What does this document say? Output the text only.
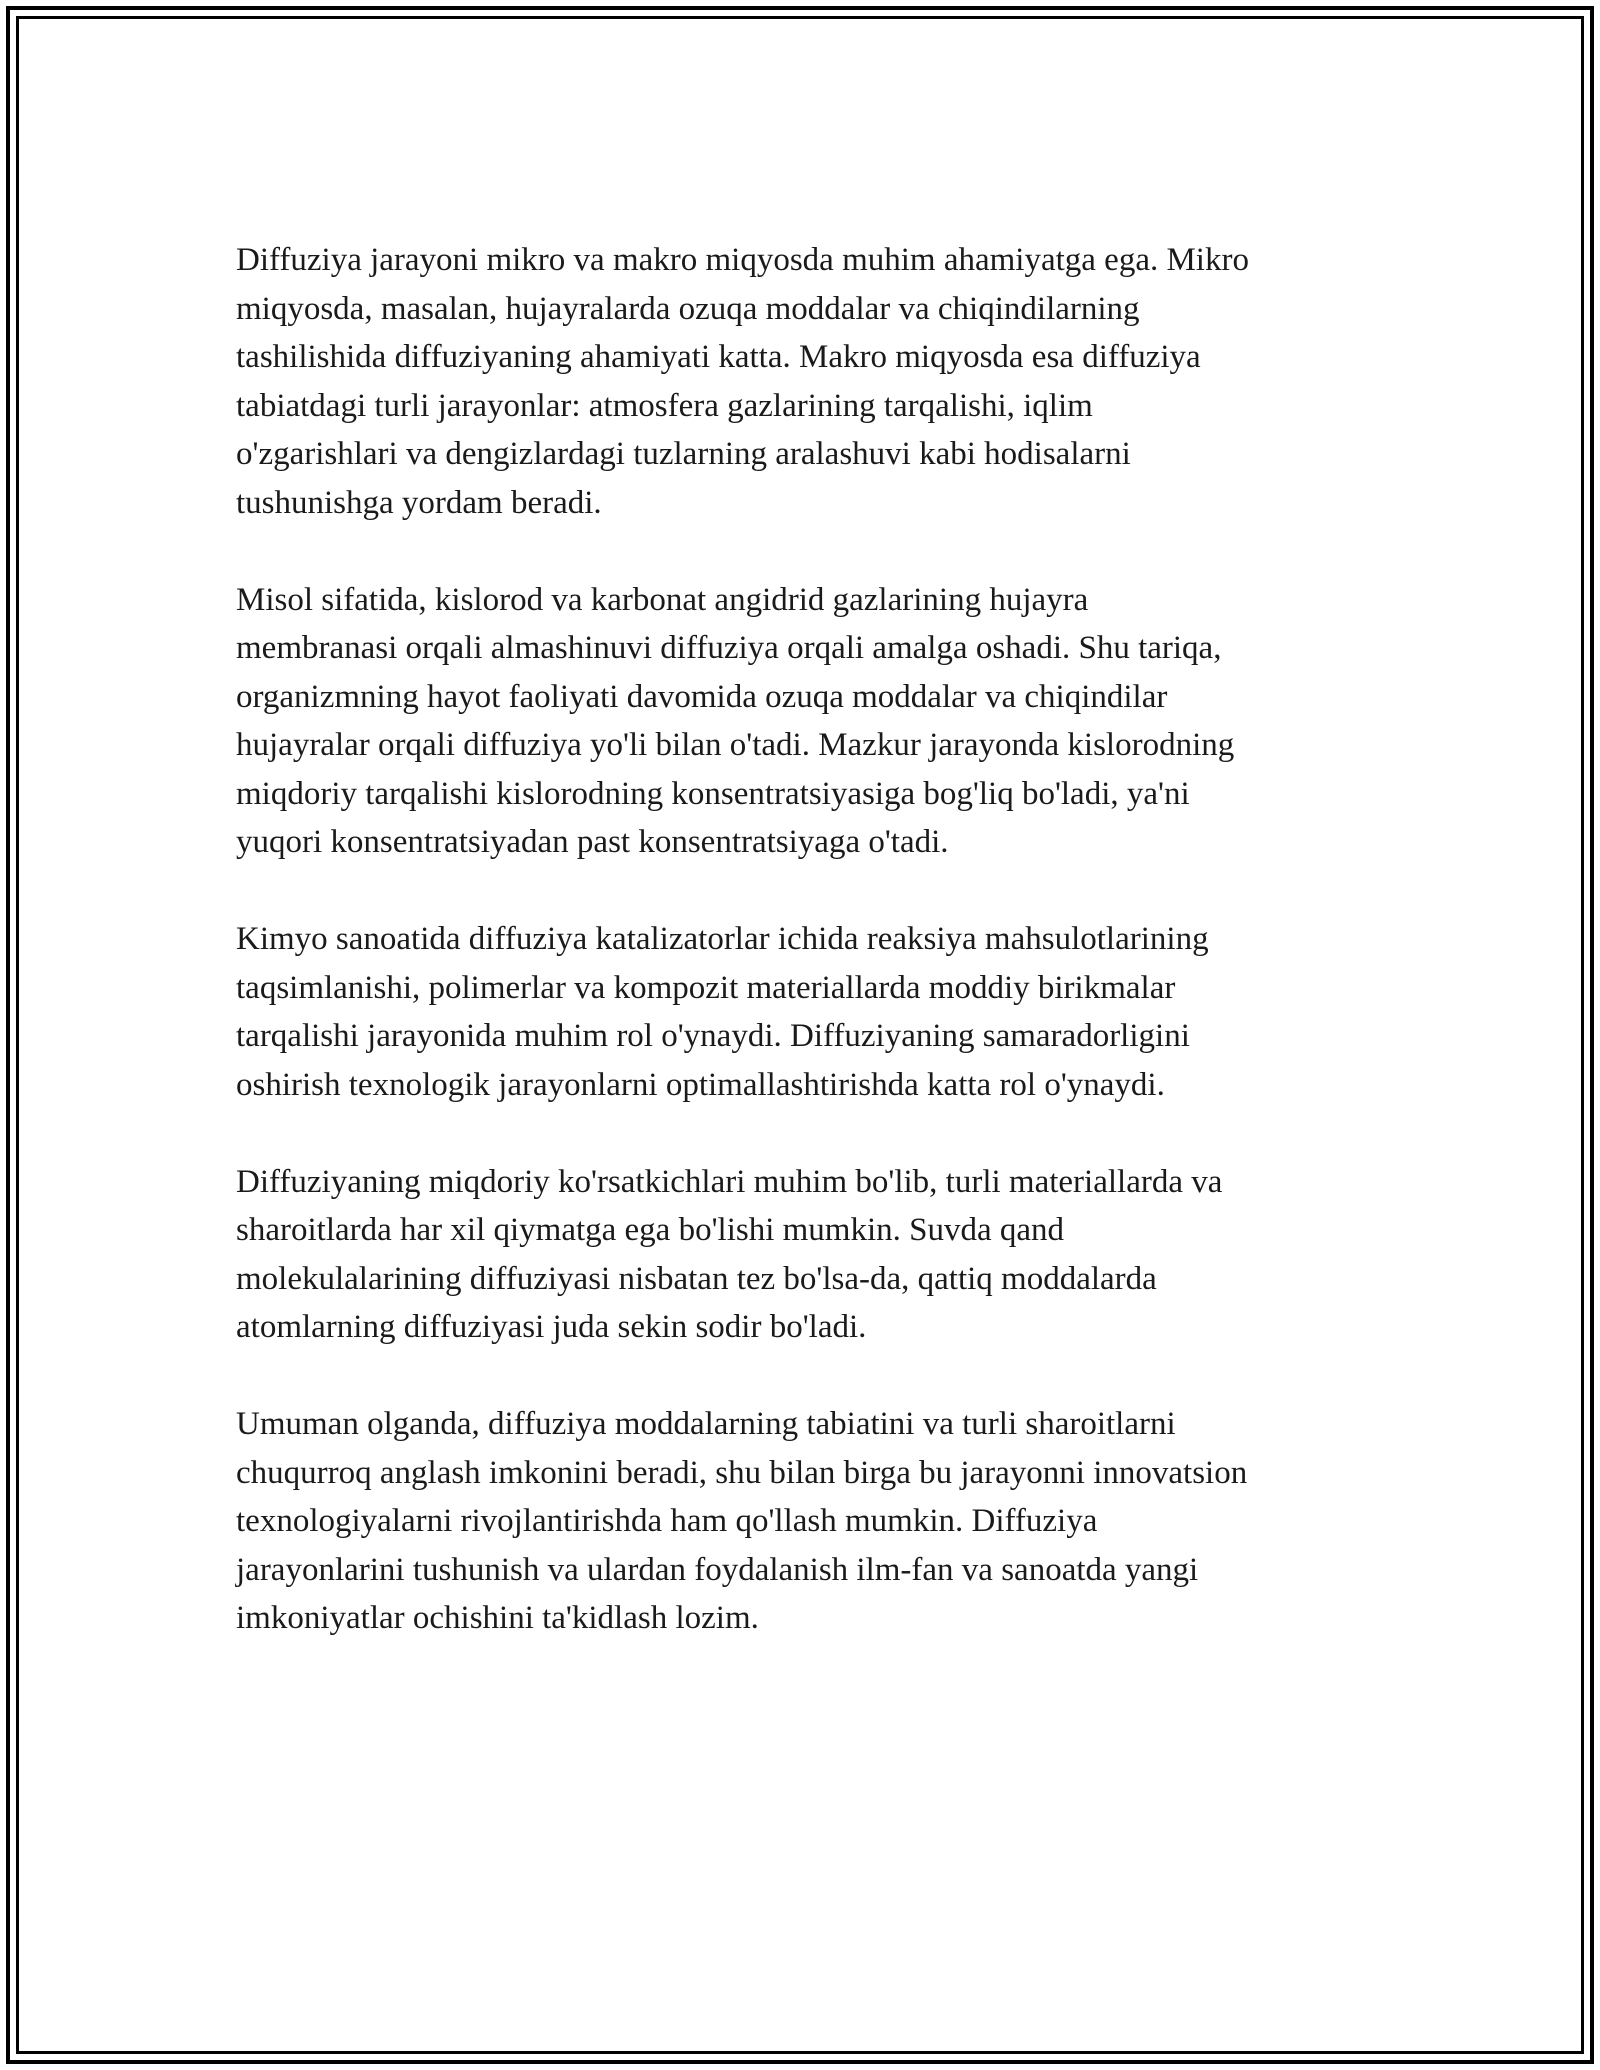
Diffuziya jarayoni mikro va makro miqyosda muhim ahamiyatga ega. Mikro
miqyosda, masalan, hujayralarda ozuqa moddalar va chiqindilarning
tashilishida diffuziyaning ahamiyati katta. Makro miqyosda esa diffuziya
tabiatdagi turli jarayonlar: atmosfera gazlarining tarqalishi, iqlim
o'zgarishlari va dengizlardagi tuzlarning aralashuvi kabi hodisalarni
tushunishga yordam beradi.

Misol sifatida, kislorod va karbonat angidrid gazlarining hujayra
membranasi orqali almashinuvi diffuziya orqali amalga oshadi. Shu tariqa,
organizmning hayot faoliyati davomida ozuqa moddalar va chiqindilar
hujayralar orqali diffuziya yo'li bilan o'tadi. Mazkur jarayonda kislorodning
miqdoriy tarqalishi kislorodning konsentratsiyasiga bog'liq bo'ladi, ya'ni
yuqori konsentratsiyadan past konsentratsiyaga o'tadi.

Kimyo sanoatida diffuziya katalizatorlar ichida reaksiya mahsulotlarining
taqsimlanishi, polimerlar va kompozit materiallarda moddiy birikmalar
tarqalishi jarayonida muhim rol o'ynaydi. Diffuziyaning samaradorligini
oshirish texnologik jarayonlarni optimallashtirishda katta rol o'ynaydi.

Diffuziyaning miqdoriy ko'rsatkichlari muhim bo'lib, turli materiallarda va
sharoitlarda har xil qiymatga ega bo'lishi mumkin. Suvda qand
molekulalarining diffuziyasi nisbatan tez bo'lsa-da, qattiq moddalarda
atomlarning diffuziyasi juda sekin sodir bo'ladi.

Umuman olganda, diffuziya moddalarning tabiatini va turli sharoitlarni
chuqurroq anglash imkonini beradi, shu bilan birga bu jarayonni innovatsion
texnologiyalarni rivojlantirishda ham qo'llash mumkin. Diffuziya
jarayonlarini tushunish va ulardan foydalanish ilm-fan va sanoatda yangi
imkoniyatlar ochishini ta'kidlash lozim.
